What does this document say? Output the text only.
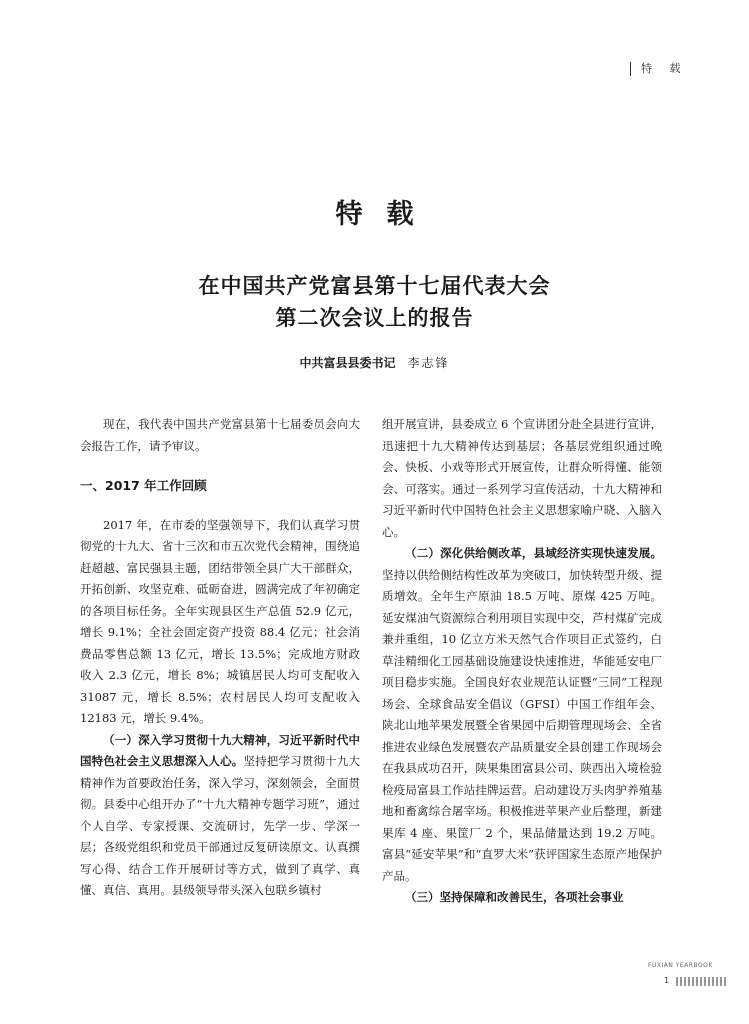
特 载
特载
在中国共产党富县第十七届代表大会
第二次会议上的报告
中共富县县委书记 李志锋

现在，我代表中国共产党富县第十七届委员会向大会报告工作，请予审议。

一、2017 年工作回顾

2017 年，在市委的坚强领导下，我们认真学习贯彻党的十九大、省十三次和市五次党代会精神，围绕追赶超越、富民强县主题，团结带领全县广大干部群众，开拓创新、攻坚克难、砥砺奋进，圆满完成了年初确定的各项目标任务。全年实现县区生产总值 52.9 亿元，增长 9.1%；全社会固定资产投资 88.4 亿元；社会消费品零售总额 13 亿元，增长 13.5%；完成地方财政收入 2.3 亿元，增长 8%；城镇居民人均可支配收入 31087 元，增长 8.5%；农村居民人均可支配收入 12183 元，增长 9.4%。

（一）深入学习贯彻十九大精神，习近平新时代中国特色社会主义思想深入人心。坚持把学习贯彻十九大精神作为首要政治任务，深入学习，深刻领会，全面贯彻。县委中心组开办了“十九大精神专题学习班”，通过个人自学、专家授课、交流研讨，先学一步、学深一层；各级党组织和党员干部通过反复研读原文、认真撰写心得、结合工作开展研讨等方式，做到了真学、真懂、真信、真用。县级领导带头深入包联乡镇村

组开展宣讲，县委成立 6 个宣讲团分赴全县进行宣讲，迅速把十九大精神传达到基层；各基层党组织通过晚会、快板、小戏等形式开展宣传，让群众听得懂、能领会、可落实。通过一系列学习宣传活动，十九大精神和习近平新时代中国特色社会主义思想家喻户晓、入脑入心。

（二）深化供给侧改革，县域经济实现快速发展。坚持以供给侧结构性改革为突破口，加快转型升级、提质增效。全年生产原油 18.5 万吨、原煤 425 万吨。延安煤油气资源综合利用项目实现中交，芦村煤矿完成兼并重组，10 亿立方米天然气合作项目正式签约，白草洼精细化工园基础设施建设快速推进，华能延安电厂项目稳步实施。全国良好农业规范认证暨“三同”工程现场会、全球食品安全倡议（GFSI）中国工作组年会、陕北山地苹果发展暨全省果园中后期管理现场会、全省推进农业绿色发展暨农产品质量安全县创建工作现场会在我县成功召开，陕果集团富县公司、陕西出入境检验检疫局富县工作站挂牌运营。启动建设万头肉驴养殖基地和畜禽综合屠宰场。积极推进苹果产业后整理，新建果库 4 座、果筐厂 2 个，果品储量达到 19.2 万吨。富县“延安苹果”和“直罗大米”获评国家生态原产地保护产品。

（三）坚持保障和改善民生，各项社会事业

FUXIAN YEARBOOK
1
